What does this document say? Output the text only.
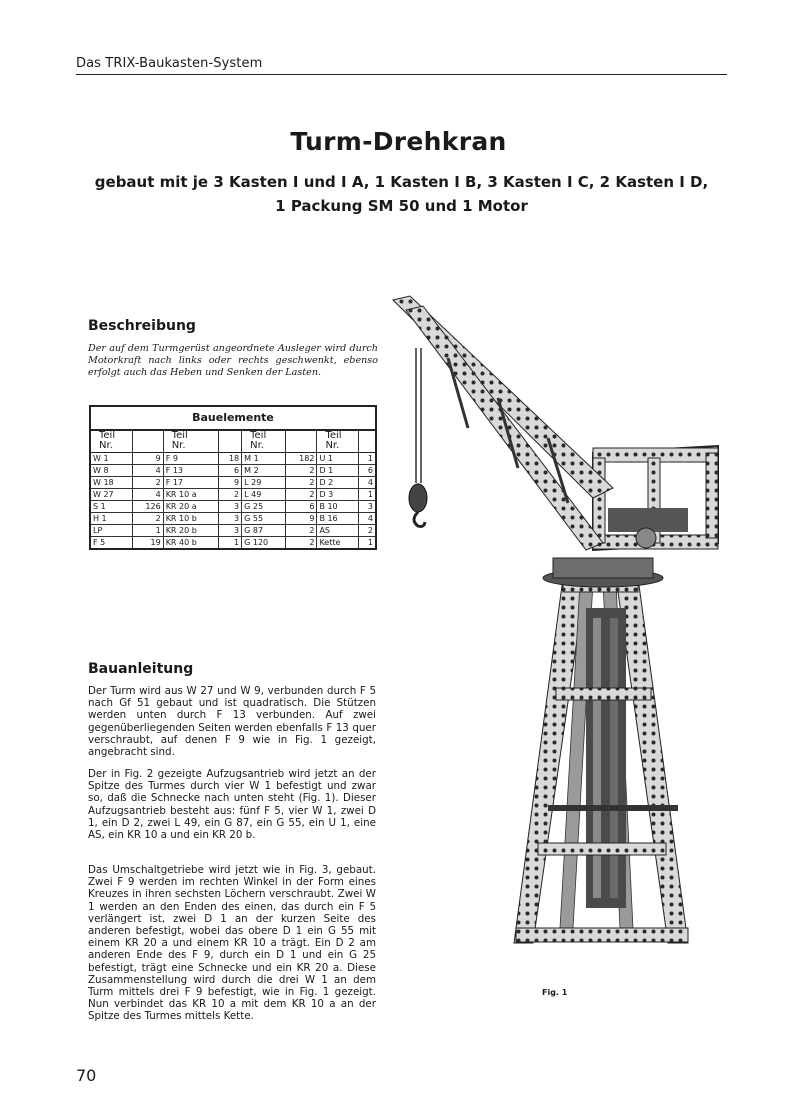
Das TRIX-Baukasten-System
Turm-Drehkran
gebaut mit je 3 Kasten I und I A, 1 Kasten I B, 3 Kasten I C, 2 Kasten I D,
1 Packung SM 50 und 1 Motor
Beschreibung
Der auf dem Turmgerüst angeordnete Ausleger wird durch Motorkraft nach links oder rechts geschwenkt, ebenso erfolgt auch das Heben und Senken der Lasten.
Bauelemente							
Teil
Nr.		Teil
Nr.		Teil
Nr.		Teil
Nr.	
W 1	9	F 9	18	M 1	182	U 1	1
W 8	4	F 13	6	M 2	2	D 1	6
W 18	2	F 17	9	L 29	2	D 2	4
W 27	4	KR 10 a	2	L 49	2	D 3	1
S 1	126	KR 20 a	3	G 25	6	B 10	3
H 1	2	KR 10 b	3	G 55	9	B 16	4
LP	1	KR 20 b	3	G 87	2	AS	2
F 5	19	KR 40 b	1	G 120	2	Kette	1
Bauanleitung

Der Turm wird aus W 27 und W 9, verbunden durch F 5 nach Gf 51 gebaut und ist quadratisch. Die Stützen werden unten durch F 13 verbunden. Auf zwei gegenüberliegenden Seiten werden ebenfalls F 13 quer verschraubt, auf denen F 9 wie in Fig. 1 gezeigt, angebracht sind.

Der in Fig. 2 gezeigte Aufzugsantrieb wird jetzt an der Spitze des Turmes durch vier W 1 befestigt und zwar so, daß die Schnecke nach unten steht (Fig. 1). Dieser Aufzugsantrieb besteht aus: fünf F 5, vier W 1, zwei D 1, ein D 2, zwei L 49, ein G 87, ein G 55, ein U 1, eine AS, ein KR 10 a und ein KR 20 b.

Das Umschaltgetriebe wird jetzt wie in Fig. 3, gebaut. Zwei F 9 werden im rechten Winkel in der Form eines Kreuzes in ihren sechsten Löchern verschraubt. Zwei W 1 werden an den Enden des einen, das durch ein F 5 verlängert ist, zwei D 1 an der kurzen Seite des anderen befestigt, wobei das obere D 1 ein G 55 mit einem KR 20 a und einem KR 10 a trägt. Ein D 2 am anderen Ende des F 9, durch ein D 1 und ein G 25 befestigt, trägt eine Schnecke und ein KR 20 a. Diese Zusammenstellung wird durch die drei W 1 an dem Turm mittels drei F 9 befestigt, wie in Fig. 1 gezeigt. Nun verbindet das KR 10 a mit dem KR 10 a an der Spitze des Turmes mittels Kette.

Fig. 1
70
